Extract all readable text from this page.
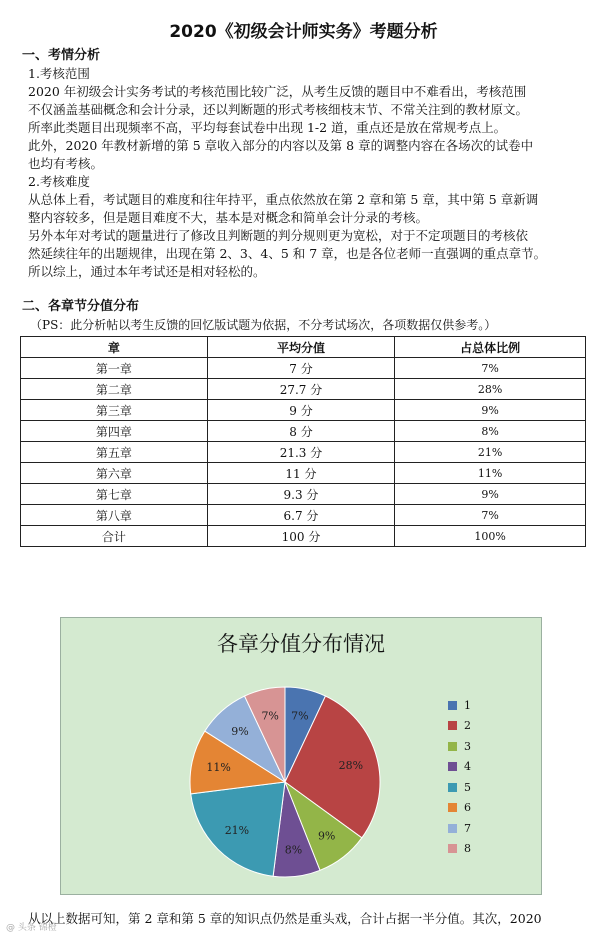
2020《初级会计师实务》考题分析
一、考情分析
1.考核范围
2020 年初级会计实务考试的考核范围比较广泛，从考生反馈的题目中不难看出，考核范围
不仅涵盖基础概念和会计分录，还以判断题的形式考核细枝末节、不常关注到的教材原文。
所率此类题目出现频率不高，平均每套试卷中出现 1-2 道，重点还是放在常规考点上。
此外，2020 年教材新增的第 5 章收入部分的内容以及第 8 章的调整内容在各场次的试卷中
也均有考核。
2.考核难度
从总体上看，考试题目的难度和往年持平，重点依然放在第 2 章和第 5 章，其中第 5 章新调
整内容较多，但是题目难度不大，基本是对概念和简单会计分录的考核。
另外本年对考试的题量进行了修改且判断题的判分规则更为宽松，对于不定项题目的考核依
然延续往年的出题规律，出现在第 2、3、4、5 和 7 章，也是各位老师一直强调的重点章节。
所以综上，通过本年考试还是相对轻松的。
二、各章节分值分布
（PS：此分析帖以考生反馈的回忆版试题为依据，不分考试场次，各项数据仅供参考。）
章	平均分值	占总体比例
第一章	7 分	7%
第二章	27.7 分	28%
第三章	9 分	9%
第四章	8 分	8%
第五章	21.3 分	21%
第六章	11 分	11%
第七章	9.3 分	9%
第八章	6.7 分	7%
合计	100 分	100%
各章分值分布情况
7%
28%
9%
8%
21%
11%
9%
7%
1
2
3
4
5
6
7
8
从以上数据可知，第 2 章和第 5 章的知识点仍然是重头戏，合计占据一半分值。其次，2020
@ 头条 锦橙
